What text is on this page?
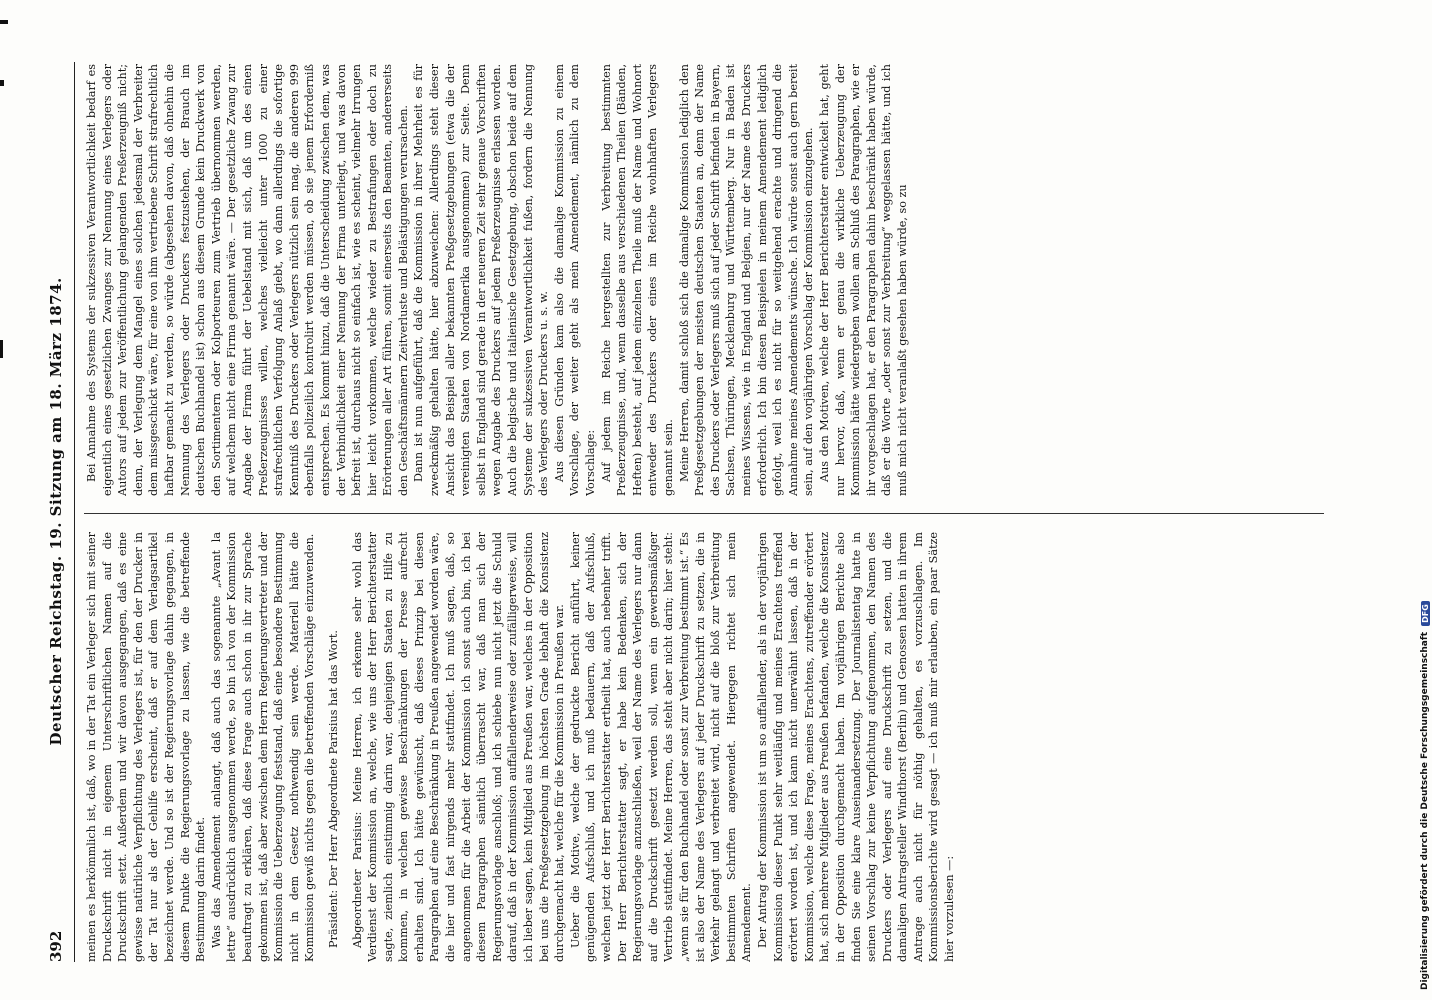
392
Deutscher Reichstag. 19. Sitzung am 18. März 1874.

meinen es herkömmlich ist, daß, wo in der Tat ein Verleger sich mit seiner Druckschrift nicht in eigenem Unterschriftlichen Namen auf die Druckschrift setzt. Außerdem und wir davon ausgegangen, daß es eine gewisse natürliche Verpflichtung des Verlegers ist, für den der Drucker in der Tat nur als der Gehilfe erscheint, daß er auf dem Verlagsartikel bezeichnet werde. Und so ist der Regierungsvorlage dahin gegangen, in diesem Punkte die Regierungsvorlage zu lassen, wie die betreffende Bestimmung darin findet. Was das Amendement anlangt, daß auch das sogenannte „Avant la lettre“ ausdrücklich ausgenommen werde, so bin ich von der Kommission beauftragt zu erklären, daß diese Frage auch schon in ihr zur Sprache gekommen ist, daß aber zwischen dem Herrn Regierungsvertreter und der Kommission die Ueberzeugung feststand, daß eine besondere Bestimmung nicht in dem Gesetz nothwendig sein werde. Materiell hätte die Kommission gewiß nichts gegen die betreffenden Vorschläge einzuwenden. Präsident: Der Herr Abgeordnete Parisius hat das Wort. Abgeordneter Parisius: Meine Herren, ich erkenne sehr wohl das Verdienst der Kommission an, welche, wie uns der Herr Berichterstatter sagte, ziemlich einstimmig darin war, denjenigen Staaten zu Hilfe zu kommen, in welchen gewisse Beschränkungen der Presse aufrecht erhalten sind. Ich hätte gewünscht, daß dieses Prinzip bei diesen Paragraphen auf eine Beschränkung in Preußen angewendet worden wäre, die hier und fast nirgends mehr stattfindet. Ich muß sagen, daß, so angenommen für die Arbeit der Kommission ich sonst auch bin, ich bei diesem Paragraphen sämtlich überrascht war, daß man sich der Regierungsvorlage anschloß; und ich schiebe nun nicht jetzt die Schuld darauf, daß in der Kommission auffallenderweise oder zufälligerweise, will ich lieber sagen, kein Mitglied aus Preußen war, welches in der Opposition bei uns die Preßgesetzgebung im höchsten Grade lebhaft die Konsistenz durchgemacht hat, welche für die Kommission in Preußen war. Ueber die Motive, welche der gedruckte Bericht anführt, keiner genügenden Aufschluß, und ich muß bedauern, daß der Aufschluß, welchen jetzt der Herr Berichterstatter ertheilt hat, auch nebenher trifft. Der Herr Berichterstatter sagt, er habe kein Bedenken, sich der Regierungsvorlage anzuschließen, weil der Name des Verlegers nur dann auf die Druckschrift gesetzt werden soll, wenn ein gewerbsmäßiger Vertrieb stattfindet. Meine Herren, das steht aber nicht darin; hier steht: „wenn sie für den Buchhandel oder sonst zur Verbreitung bestimmt ist.“ Es ist also der Name des Verlegers auf jeder Druckschrift zu setzen, die in Verkehr gelangt und verbreitet wird, nicht auf die bloß zur Verbreitung bestimmten Schriften angewendet. Hiergegen richtet sich mein Amendement. Der Antrag der Kommission ist um so auffallender, als in der vorjährigen Kommission dieser Punkt sehr weitläufig und meines Erachtens treffend erörtert worden ist, und ich kann nicht unerwähnt lassen, daß in der Kommission, welche diese Frage, meines Erachtens, zutreffender erörtert hat, sich mehrere Mitglieder aus Preußen befanden, welche die Konsistenz in der Opposition durchgemacht haben. Im vorjährigen Berichte also finden Sie eine klare Auseinandersetzung. Der Journalistentag hatte in seinen Vorschlag zur keine Verpflichtung aufgenommen, den Namen des Druckers oder Verlegers auf eine Druckschrift zu setzen, und die damaligen Antragsteller Windthorst (Berlin) und Genossen hatten in ihrem Antrage auch nicht für nöthig gehalten, es vorzuschlagen. Im Kommissionsberichte wird gesagt — ich muß mir erlauben, ein paar Sätze hier vorzulesen —:

Bei Annahme des Systems der sukzessiven Verantwortlichkeit bedarf es eigentlich eines gesetzlichen Zwanges zur Nennung eines Verlegers oder Autors auf jedem zur Veröffentlichung gelangenden Preßerzeugniß nicht; denn, der Verlegung dem Mangel eines solchen jedesmal der Verbreiter dem missgeschickt wäre, für eine von ihm vertriebene Schrift strafrechtlich haftbar gemacht zu werden, so würde (abgesehen davon, daß ohnehin die Nennung des Verlegers oder Druckers festzustehen, der Brauch im deutschen Buchhandel ist) schon aus diesem Grunde kein Druckwerk von den Sortimentern oder Kolporteuren zum Vertrieb übernommen werden, auf welchem nicht eine Firma genannt wäre. — Der gesetzliche Zwang zur Angabe der Firma führt der Uebelstand mit sich, daß um des einen Preßerzeugnisses willen, welches vielleicht unter 1000 zu einer strafrechtlichen Verfolgung Anlaß giebt, wo dann allerdings die sofortige Kenntniß des Druckers oder Verlegers nützlich sein mag, die anderen 999 ebenfalls polizeilich kontrolirt werden müssen, ob sie jenem Erforderniß entsprechen. Es kommt hinzu, daß die Unterscheidung zwischen dem, was der Verbindlichkeit einer Nennung der Firma unterliegt, und was davon befreit ist, durchaus nicht so einfach ist, wie es scheint, vielmehr Irrungen hier leicht vorkommen, welche wieder zu Bestrafungen oder doch zu Erörterungen aller Art führen, somit einerseits den Beamten, andererseits den Geschäftsmännern Zeitverluste und Belästigungen verursachen. Dann ist nun aufgeführt, daß die Kommission in ihrer Mehrheit es für zweckmäßig gehalten hätte, hier abzuweichen: Allerdings steht dieser Ansicht das Beispiel aller bekannten Preßgesetzgebungen (etwa die der vereinigten Staaten von Nordamerika ausgenommen) zur Seite. Denn selbst in England sind gerade in der neueren Zeit sehr genaue Vorschriften wegen Angabe des Druckers auf jedem Preßerzeugnisse erlassen worden. Auch die belgische und italienische Gesetzgebung, obschon beide auf dem Systeme der sukzessiven Verantwortlichkeit fußen, fordern die Nennung des Verlegers oder Druckers u. s. w. Aus diesen Gründen kam also die damalige Kommission zu einem Vorschlage, der weiter geht als mein Amendement, nämlich zu dem Vorschlage: Auf jedem im Reiche hergestellten zur Verbreitung bestimmten Preßerzeugnisse, und, wenn dasselbe aus verschiedenen Theilen (Bänden, Heften) besteht, auf jedem einzelnen Theile muß der Name und Wohnort entweder des Druckers oder eines im Reiche wohnhaften Verlegers genannt sein. Meine Herren, damit schloß sich die damalige Kommission lediglich den Preßgesetzgebungen der meisten deutschen Staaten an, denn der Name des Druckers oder Verlegers muß sich auf jeder Schrift befinden in Bayern, Sachsen, Thüringen, Mecklenburg und Württemberg. Nur in Baden ist meines Wissens, wie in England und Belgien, nur der Name des Druckers erforderlich. Ich bin diesen Beispielen in meinem Amendement lediglich gefolgt, weil ich es nicht für so weitgehend erachte und dringend die Annahme meines Amendements wünsche. Ich würde sonst auch gern bereit sein, auf den vorjährigen Vorschlag der Kommission einzugehen. Aus den Motiven, welche der Herr Berichterstatter entwickelt hat, geht nur hervor, daß, wenn er genau die wirkliche Ueberzeugung der Kommission hätte wiedergeben wollen am Schluß des Paragraphen, wie er ihr vorgeschlagen hat, er den Paragraphen dahin beschränkt haben würde, daß er die Worte „oder sonst zur Verbreitung“ weggelassen hätte, und ich muß mich nicht veranlaßt gesehen haben würde, so zu

Digitalisierung gefördert durch die Deutsche Forschungsgemeinschaft
DFG
